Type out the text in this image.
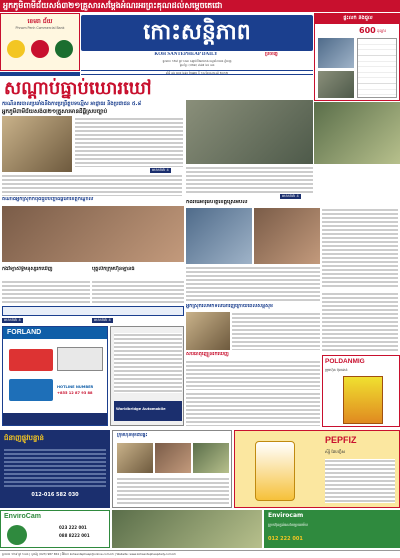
អ្នកភូមិពាមីជ័យសង់៣២១គ្រួសារសម្ដែងអំណរអរព្រះគុណដល់សម្ដេចតេជោ
ខេមរា ជ័យ
Phnom Penh Commercial Bank	កោះសន្តិភាព
KOH SANTEPHEAP DAILY	ប្រចាំថ្ងៃ
ផ្ទះលេខ ១២៩ ផ្លូវ ១៤៣ សង្កាត់បឹងកេងកង ខណ្ឌចំការមន ភ្នំពេញ
ទូរស័ព្ទ: (០២៣) ៩៨៧ ៦៥ ៤៣
ផ្ទះលក់ និងជួល
600 ដុល្លារ
ឆ្នាំទី ៤៦ លេខ ៦៨០ ថ្ងៃអង្គារ ទី ១៤ ខែឧសភា ឆ្នាំ ២០១២
សណ្ដាប់ធ្នាប់ឃោរឃៅ
ករណីនគរបាលប្រឆាំងនឹងការប្រព្រឹត្តបទល្មើស អាជ្ញាធរ និងប្រជាជន ៥.៨
អ្នកភូមិពាមីជ័យសង់៣២១គ្រួសារមានដីធ្លីស្របច្បាប់
អានតទំព័រ 4
អានតទំព័រ 4
តំណាងអ្នកស្រុកកំពុងជួបបញ្ហាដីធ្លីនៅខេត្តកណ្ដាល	កងរាជអាវុធហត្ថខេត្តស្រែអំបិល
កងវិទ្យាសិទ្ធិមនុស្សរកឃើញ	បុគ្គលិកក្រុមហ៊ុនឡានធំ
អានតទំព័រ 4	អានតទំព័រ 4
FORLAND
HOTLINE NUMBER
+855 12 87 93 88
Worldbridge Automobile
អ្នកស្រុកវិលមកទីលំនៅវិញក្រោយពេលសន្តិសុខ
សារធាតុញៀនរកឃើញ
POLDANMIG
ក្រុមហ៊ុន ប៉ុលដាន់
ជំនាញ​ផ្លូវបន្ទាន់
012-016 582 030
ក្រុមហ៊ុនមុខងារផ្ទះ	PEPFIZ
ស៊ីរ៉ូ ផែបហ្វ៊ិស
EnviroCam
023 222 001
088 8222 001
Envirocam
ក្រុមហ៊ុនផ្ដល់សេវាកម្មអនាម័យ
012 222 001
ផ្ទះលេខ ១២៩ ផ្លូវ ១៤៣ | ទូរស័ព្ទ (023) 987 654 | អ៊ីមែល kohsantepheap@online.com.kh | Website: www.kohsantepheapdaily.com.kh
